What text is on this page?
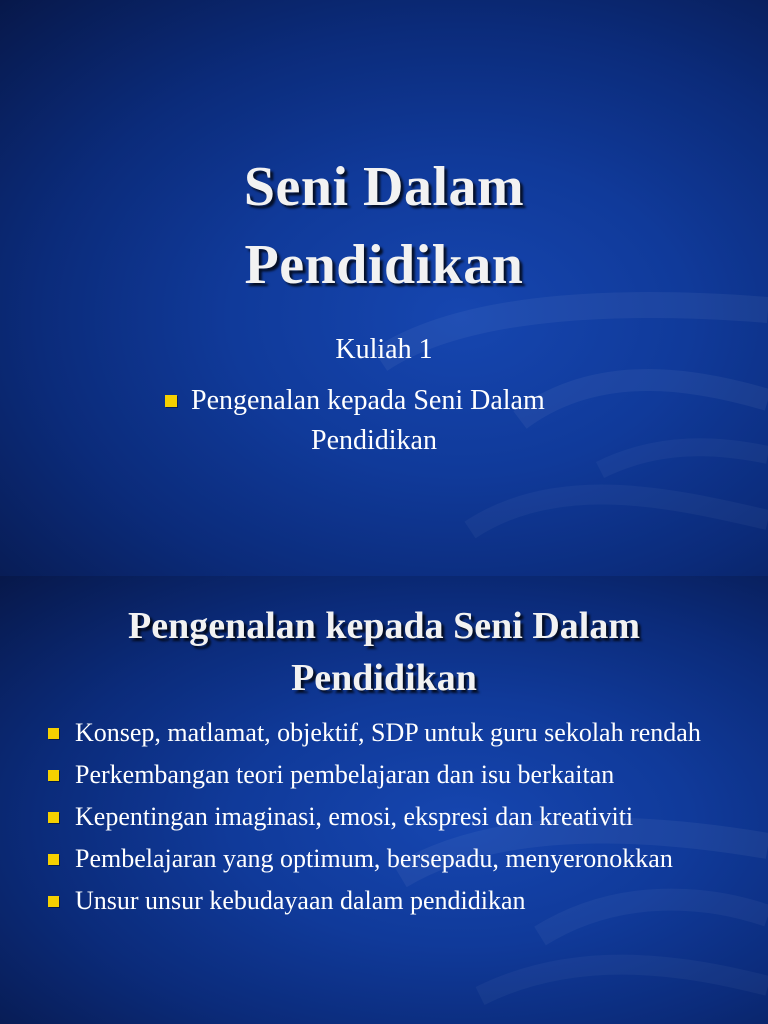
Seni Dalam
Pendidikan
Kuliah 1
Pengenalan kepada Seni Dalam
Pendidikan
Pengenalan kepada Seni Dalam
Pendidikan
Konsep, matlamat, objektif, SDP untuk guru sekolah rendah
Perkembangan teori pembelajaran dan isu berkaitan
Kepentingan imaginasi, emosi, ekspresi dan kreativiti
Pembelajaran yang optimum, bersepadu, menyeronokkan
Unsur unsur kebudayaan dalam pendidikan
